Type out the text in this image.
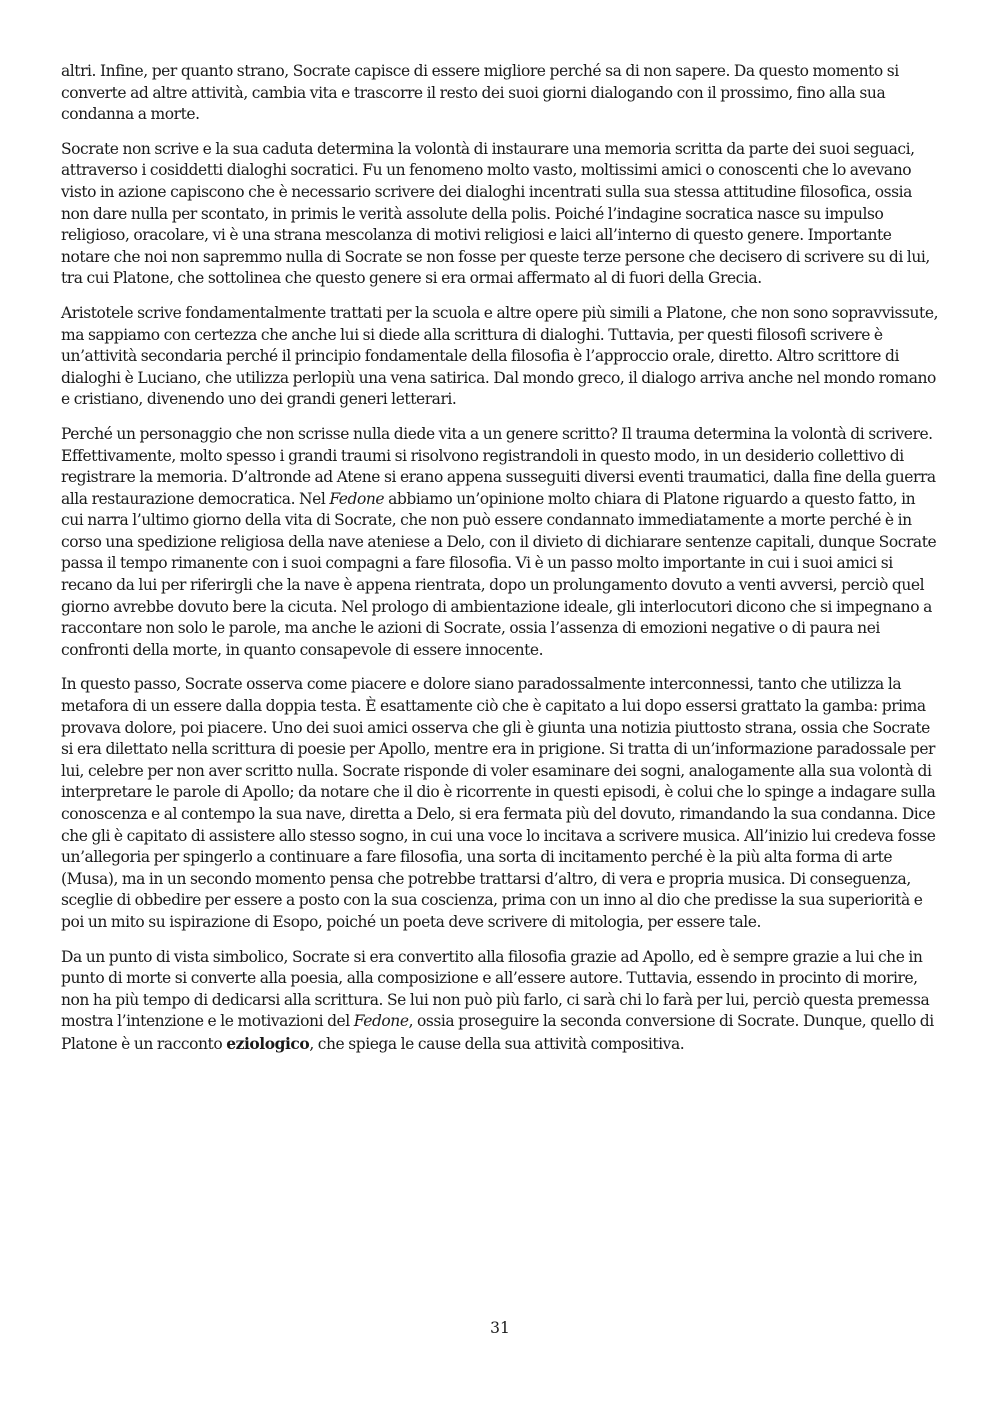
altri. Infine, per quanto strano, Socrate capisce di essere migliore perché sa di non sapere. Da questo momento si converte ad altre attività, cambia vita e trascorre il resto dei suoi giorni dialogando con il prossimo, fino alla sua condanna a morte.

Socrate non scrive e la sua caduta determina la volontà di instaurare una memoria scritta da parte dei suoi seguaci, attraverso i cosiddetti dialoghi socratici. Fu un fenomeno molto vasto, moltissimi amici o conoscenti che lo avevano visto in azione capiscono che è necessario scrivere dei dialoghi incentrati sulla sua stessa attitudine filosofica, ossia non dare nulla per scontato, in primis le verità assolute della polis. Poiché l’indagine socratica nasce su impulso religioso, oracolare, vi è una strana mescolanza di motivi religiosi e laici all’interno di questo genere. Importante notare che noi non sapremmo nulla di Socrate se non fosse per queste terze persone che decisero di scrivere su di lui, tra cui Platone, che sottolinea che questo genere si era ormai affermato al di fuori della Grecia.

Aristotele scrive fondamentalmente trattati per la scuola e altre opere più simili a Platone, che non sono sopravvissute, ma sappiamo con certezza che anche lui si diede alla scrittura di dialoghi. Tuttavia, per questi filosofi scrivere è un’attività secondaria perché il principio fondamentale della filosofia è l’approccio orale, diretto. Altro scrittore di dialoghi è Luciano, che utilizza perlopiù una vena satirica. Dal mondo greco, il dialogo arriva anche nel mondo romano e cristiano, divenendo uno dei grandi generi letterari.

Perché un personaggio che non scrisse nulla diede vita a un genere scritto? Il trauma determina la volontà di scrivere. Effettivamente, molto spesso i grandi traumi si risolvono registrandoli in questo modo, in un desiderio collettivo di registrare la memoria. D’altronde ad Atene si erano appena susseguiti diversi eventi traumatici, dalla fine della guerra alla restaurazione democratica. Nel Fedone abbiamo un’opinione molto chiara di Platone riguardo a questo fatto, in cui narra l’ultimo giorno della vita di Socrate, che non può essere condannato immediatamente a morte perché è in corso una spedizione religiosa della nave ateniese a Delo, con il divieto di dichiarare sentenze capitali, dunque Socrate passa il tempo rimanente con i suoi compagni a fare filosofia. Vi è un passo molto importante in cui i suoi amici si recano da lui per riferirgli che la nave è appena rientrata, dopo un prolungamento dovuto a venti avversi, perciò quel giorno avrebbe dovuto bere la cicuta. Nel prologo di ambientazione ideale, gli interlocutori dicono che si impegnano a raccontare non solo le parole, ma anche le azioni di Socrate, ossia l’assenza di emozioni negative o di paura nei confronti della morte, in quanto consapevole di essere innocente.

In questo passo, Socrate osserva come piacere e dolore siano paradossalmente interconnessi, tanto che utilizza la metafora di un essere dalla doppia testa. È esattamente ciò che è capitato a lui dopo essersi grattato la gamba: prima provava dolore, poi piacere. Uno dei suoi amici osserva che gli è giunta una notizia piuttosto strana, ossia che Socrate si era dilettato nella scrittura di poesie per Apollo, mentre era in prigione. Si tratta di un’informazione paradossale per lui, celebre per non aver scritto nulla. Socrate risponde di voler esaminare dei sogni, analogamente alla sua volontà di interpretare le parole di Apollo; da notare che il dio è ricorrente in questi episodi, è colui che lo spinge a indagare sulla conoscenza e al contempo la sua nave, diretta a Delo, si era fermata più del dovuto, rimandando la sua condanna. Dice che gli è capitato di assistere allo stesso sogno, in cui una voce lo incitava a scrivere musica. All’inizio lui credeva fosse un’allegoria per spingerlo a continuare a fare filosofia, una sorta di incitamento perché è la più alta forma di arte (Musa), ma in un secondo momento pensa che potrebbe trattarsi d’altro, di vera e propria musica. Di conseguenza, sceglie di obbedire per essere a posto con la sua coscienza, prima con un inno al dio che predisse la sua superiorità e poi un mito su ispirazione di Esopo, poiché un poeta deve scrivere di mitologia, per essere tale.

Da un punto di vista simbolico, Socrate si era convertito alla filosofia grazie ad Apollo, ed è sempre grazie a lui che in punto di morte si converte alla poesia, alla composizione e all’essere autore. Tuttavia, essendo in procinto di morire, non ha più tempo di dedicarsi alla scrittura. Se lui non può più farlo, ci sarà chi lo farà per lui, perciò questa premessa mostra l’intenzione e le motivazioni del Fedone, ossia proseguire la seconda conversione di Socrate. Dunque, quello di Platone è un racconto eziologico, che spiega le cause della sua attività compositiva.

31
